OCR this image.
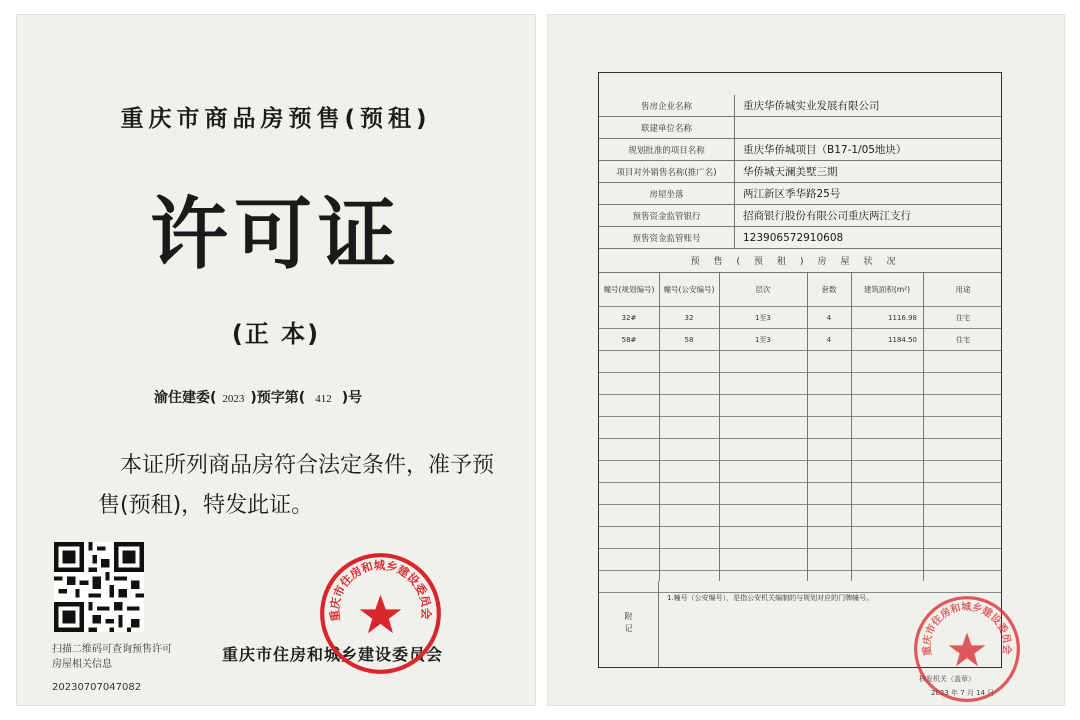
重庆市商品房预售(预租)
许可证
(正 本)
渝住建委( 2023 )预字第( 412 )号
本证所列商品房符合法定条件，准予预售(预租)，特发此证。
扫描二维码可查询预售许可房屋相关信息
20230707047082
重庆市住房和城乡建设委员会
重庆市住房和城乡建设委员会
售房企业名称	重庆华侨城实业发展有限公司
联建单位名称
规划批准的项目名称	重庆华侨城项目（B17-1/05地块）
项目对外销售名称(推广名)	华侨城天澜美墅三期
房屋坐落	两江新区季华路25号
预售资金监管银行	招商银行股份有限公司重庆两江支行
预售资金监管账号	123906572910608
预售(预租)房屋状况
幢号(规划编号)	幢号(公安编号)	层次	套数	建筑面积(m²)	用途
32#	32	1至3	4	1116.98	住宅
58#	58	1至3	4	1184.50	住宅
附记
1.幢号（公安编号），是指公安机关编制的与规划对应的门牌幢号。
核发机关（盖章）
2023 年 7 月 14 日
重庆市住房和城乡建设委员会
